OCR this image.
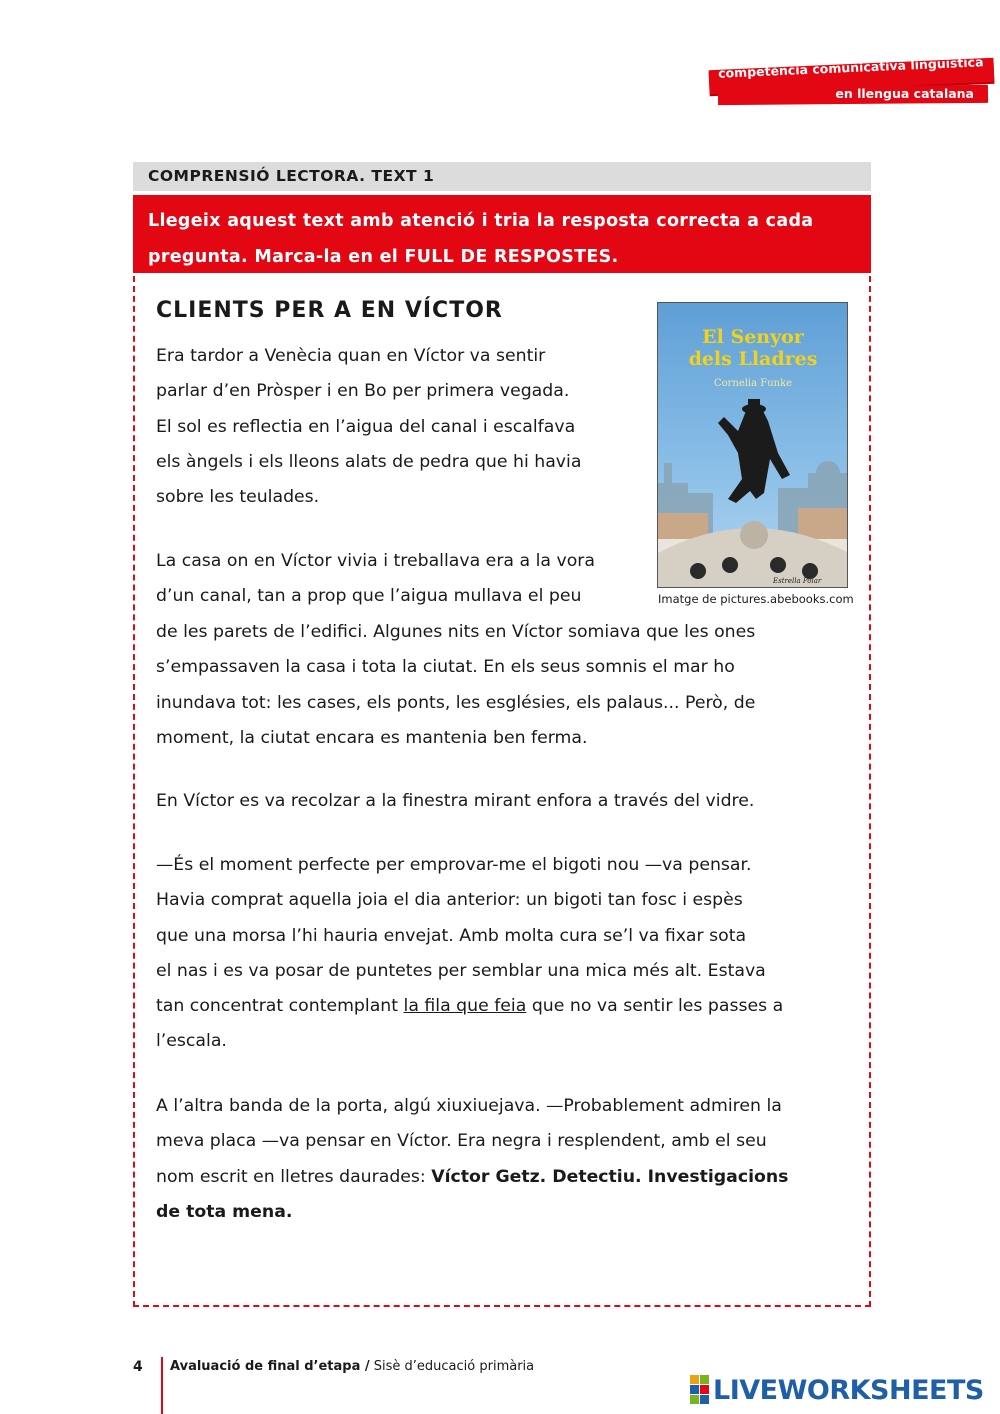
competència comunicativa lingüística
en llengua catalana
COMPRENSIÓ LECTORA. TEXT 1
Llegeix aquest text amb atenció i tria la resposta correcta a cada
pregunta. Marca-la en el FULL DE RESPOSTES.
CLIENTS PER A EN VÍCTOR
Estrella Polar
El Senyor
dels Lladres
Cornelia Funke
Imatge de pictures.abebooks.com
Era tardor a Venècia quan en Víctor va sentir
parlar d’en Pròsper i en Bo per primera vegada.
El sol es reflectia en l’aigua del canal i escalfava
els àngels i els lleons alats de pedra que hi havia
sobre les teulades.
La casa on en Víctor vivia i treballava era a la vora
d’un canal, tan a prop que l’aigua mullava el peu
de les parets de l’edifici. Algunes nits en Víctor somiava que les ones
s’empassaven la casa i tota la ciutat. En els seus somnis el mar ho
inundava tot: les cases, els ponts, les esglésies, els palaus... Però, de
moment, la ciutat encara es mantenia ben ferma.
En Víctor es va recolzar a la finestra mirant enfora a través del vidre.
—És el moment perfecte per emprovar-me el bigoti nou —va pensar.
Havia comprat aquella joia el dia anterior: un bigoti tan fosc i espès
que una morsa l’hi hauria envejat. Amb molta cura se’l va fixar sota
el nas i es va posar de puntetes per semblar una mica més alt. Estava
tan concentrat contemplant la fila que feia que no va sentir les passes a
l’escala.
A l’altra banda de la porta, algú xiuxiuejava. —Probablement admiren la
meva placa —va pensar en Víctor. Era negra i resplendent, amb el seu
nom escrit en lletres daurades: Víctor Getz. Detectiu. Investigacions
de tota mena.
4 Avaluació de final d’etapa / Sisè d’educació primària
LIVEWORKSHEETS
